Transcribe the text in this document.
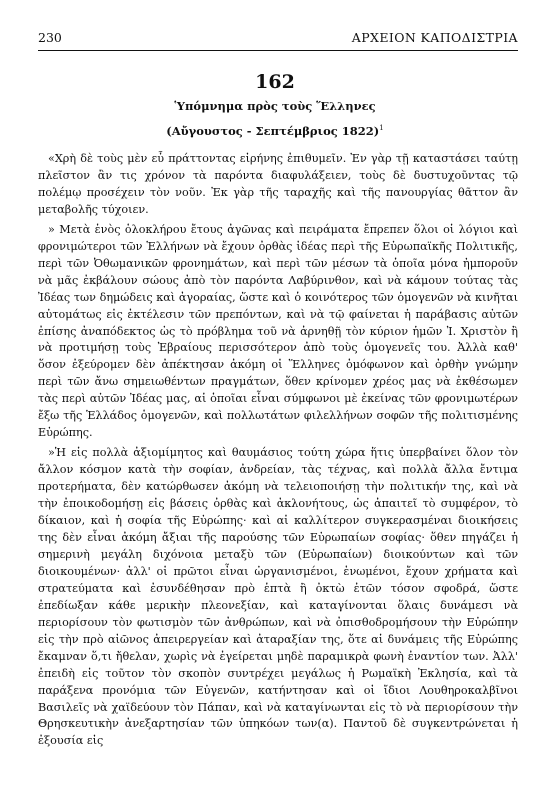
230	ΑΡΧΕΙΟΝ ΚΑΠΟΔΙΣΤΡΙΑ
162
Ὑπόμνημα πρὸς τοὺς Ἕλληνες
(Αὔγουστος - Σεπτέμβριος 1822)$^1$

«Χρὴ δὲ τοὺς μὲν εὖ πράττοντας εἰρήνης ἐπιθυμεῖν. Ἐν γὰρ τῇ καταστάσει ταύτῃ πλεῖστον ἂν τις χρόνον τὰ παρόντα διαφυλάξειεν, τοὺς δὲ δυστυχοῦντας τῷ πολέμῳ προσέχειν τὸν νοῦν. Ἐκ γὰρ τῆς ταραχῆς καὶ τῆς πανουργίας θᾶττον ἂν μεταβολῆς τύχοιεν.

» Μετὰ ἑνὸς ὁλοκλήρου ἔτους ἀγῶνας καὶ πειράματα ἔπρεπεν ὅλοι οἱ λόγιοι καὶ φρονιμώτεροι τῶν Ἑλλήνων νὰ ἔχουν ὀρθὰς ἰδέας περὶ τῆς Εὐρωπαϊκῆς Πολιτικῆς, περὶ τῶν Ὀθωμανικῶν φρονημάτων, καὶ περὶ τῶν μέσων τὰ ὁποῖα μόνα ἠμποροῦν νὰ μᾶς ἐκβάλουν σώους ἀπὸ τὸν παρόντα Λαβύρινθον, καὶ νὰ κάμουν τούτας τὰς Ἰδέας των δημώδεις καὶ ἀγοραίας, ὥστε καὶ ὁ κοινότερος τῶν ὁμογενῶν νὰ κινῆται αὐτομάτως εἰς ἐκτέλεσιν τῶν πρεπόντων, καὶ νὰ τῷ φαίνεται ἡ παράβασις αὐτῶν ἐπίσης ἀναπόδεκτος ὡς τὸ πρόβλημα τοῦ νὰ ἀρνηθῇ τὸν κύριον ἡμῶν Ἰ. Χριστὸν ἢ νὰ προτιμήσῃ τοὺς Ἑβραίους περισσότερον ἀπὸ τοὺς ὁμογενεῖς του. Ἀλλὰ καθ' ὅσον ἐξεύρομεν δὲν ἀπέκτησαν ἀκόμη οἱ Ἕλληνες ὁμόφωνον καὶ ὀρθὴν γνώμην περὶ τῶν ἄνω σημειωθέντων πραγμάτων, ὅθεν κρίνομεν χρέος μας νὰ ἐκθέσωμεν τὰς περὶ αὐτῶν Ἰδέας μας, αἱ ὁποῖαι εἶναι σύμφωνοι μὲ ἐκείνας τῶν φρονιμωτέρων ἔξω τῆς Ἑλλάδος ὁμογενῶν, καὶ πολλωτάτων φιλελλήνων σοφῶν τῆς πολιτισμένης Εὐρώπης.

»Ἡ εἰς πολλὰ ἀξιομίμητος καὶ θαυμάσιος τούτη χώρα ἥτις ὑπερβαίνει ὅλον τὸν ἄλλον κόσμον κατὰ τὴν σοφίαν, ἀνδρείαν, τὰς τέχνας, καὶ πολλὰ ἄλλα ἔντιμα προτερήματα, δὲν κατώρθωσεν ἀκόμη νὰ τελειοποιήσῃ τὴν πολιτικήν της, καὶ νὰ τὴν ἐποικοδομήσῃ εἰς βάσεις ὀρθὰς καὶ ἀκλονήτους, ὡς ἀπαιτεῖ τὸ συμφέρον, τὸ δίκαιον, καὶ ἡ σοφία τῆς Εὐρώπης· καὶ αἱ καλλίτερον συγκερασμέναι διοικήσεις της δὲν εἶναι ἀκόμη ἄξιαι τῆς παρούσης τῶν Εὐρωπαίων σοφίας· ὅθεν πηγάζει ἡ σημερινὴ μεγάλη διχόνοια μεταξὺ τῶν (Εὐρωπαίων) διοικούντων καὶ τῶν διοικουμένων· ἀλλ' οἱ πρῶτοι εἶναι ὠργανισμένοι, ἑνωμένοι, ἔχουν χρήματα καὶ στρατεύματα καὶ ἐσυνδέθησαν πρὸ ἑπτὰ ἢ ὀκτὼ ἐτῶν τόσον σφοδρά, ὥστε ἐπεδίωξαν κάθε μερικὴν πλεονεξίαν, καὶ καταγίνονται ὅλαις δυνάμεσι νὰ περιορίσουν τὸν φωτισμὸν τῶν ἀνθρώπων, καὶ νὰ ὀπισθοδρομήσουν τὴν Εὐρώπην εἰς τὴν πρὸ αἰῶνος ἀπειρεργείαν καὶ ἀταραξίαν της, ὅτε αἱ δυνάμεις τῆς Εὐρώπης ἔκαμναν ὅ,τι ἤθελαν, χωρὶς νὰ ἐγείρεται μηδὲ παραμικρὰ φωνὴ ἐναντίον των. Ἀλλ' ἐπειδὴ εἰς τοῦτον τὸν σκοπὸν συντρέχει μεγάλως ἡ Ρωμαϊκὴ Ἐκλησία, καὶ τὰ παράξενα προνόμια τῶν Εὐγενῶν, κατήντησαν καὶ οἱ ἴδιοι Λουθηροκαλβῖνοι Βασιλεῖς νὰ χαϊδεύουν τὸν Πάπαν, καὶ νὰ καταγίνωνται εἰς τὸ νὰ περιορίσουν τὴν Θρησκευτικὴν ἀνεξαρτησίαν τῶν ὑπηκόων των(α). Παντοῦ δὲ συγκεντρώνεται ἡ ἐξουσία εἰς
